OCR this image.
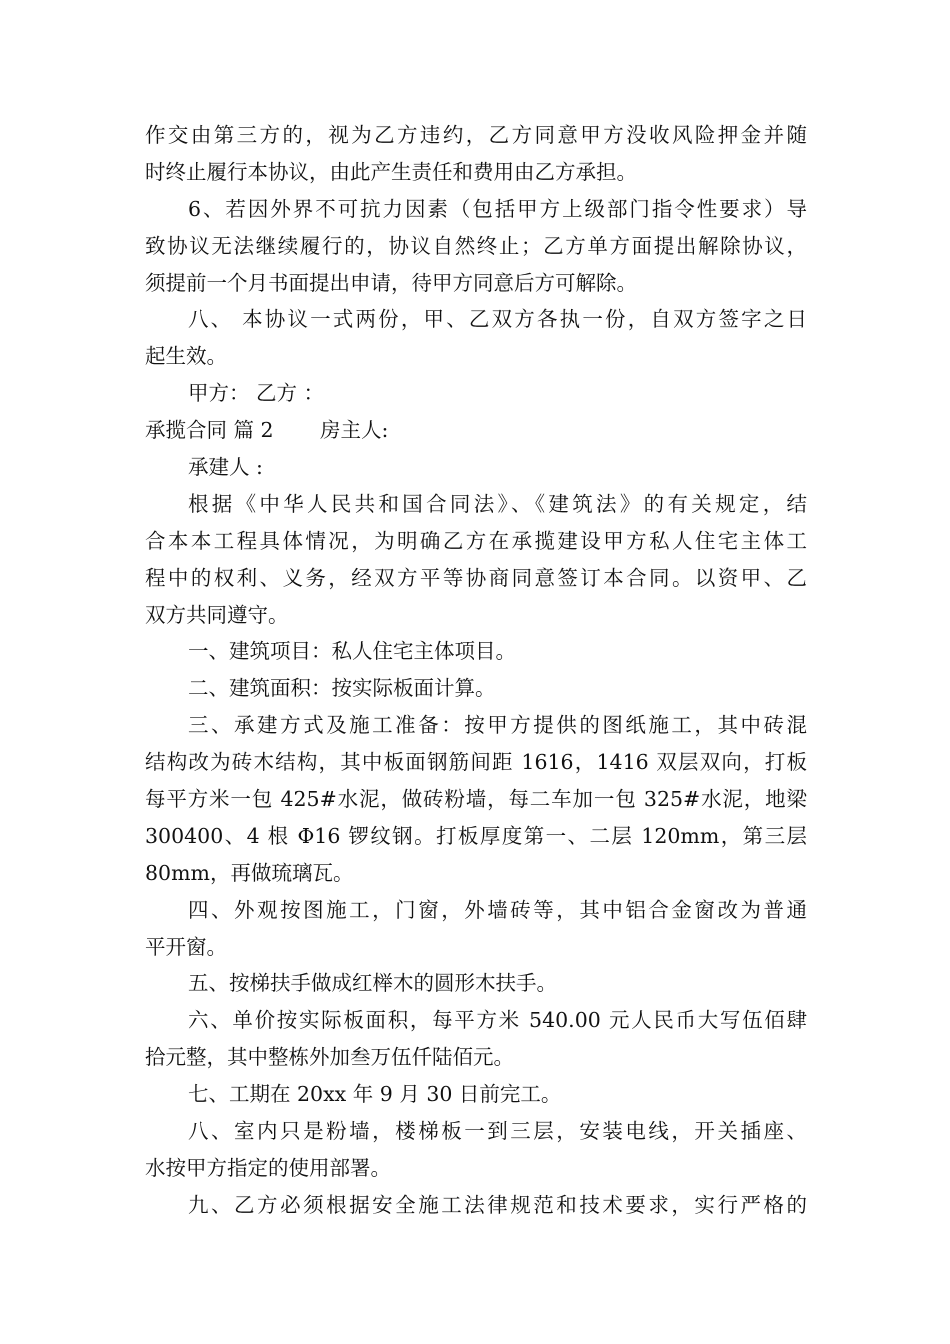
作交由第三方的，视为乙方违约，乙方同意甲方没收风险押金并随
时终止履行本协议，由此产生责任和费用由乙方承担。
6、若因外界不可抗力因素（包括甲方上级部门指令性要求）导
致协议无法继续履行的，协议自然终止；乙方单方面提出解除协议，
须提前一个月书面提出申请，待甲方同意后方可解除。
八、 本协议一式两份，甲、乙双方各执一份，自双方签字之日
起生效。
甲方： 乙方 ：
承揽合同 篇 2	房主人:
承建人 :
根据《中华人民共和国合同法》、《建筑法》的有关规定，结
合本本工程具体情况，为明确乙方在承揽建设甲方私人住宅主体工
程中的权利、义务，经双方平等协商同意签订本合同。以资甲、乙
双方共同遵守。
一、建筑项目：私人住宅主体项目。
二、建筑面积：按实际板面计算。
三、承建方式及施工准备：按甲方提供的图纸施工，其中砖混
结构改为砖木结构，其中板面钢筋间距 1616，1416 双层双向，打板
每平方米一包 425#水泥，做砖粉墙，每二车加一包 325#水泥，地梁
300400、4 根 Φ16 锣纹钢。打板厚度第一、二层 120mm，第三层
80mm，再做琉璃瓦。
四、外观按图施工，门窗，外墙砖等，其中铝合金窗改为普通
平开窗。
五、按梯扶手做成红榉木的圆形木扶手。
六、单价按实际板面积，每平方米 540.00 元人民币大写伍佰肆
拾元整，其中整栋外加叁万伍仟陆佰元。
七、工期在 20xx 年 9 月 30 日前完工。
八、室内只是粉墙，楼梯板一到三层，安装电线，开关插座、
水按甲方指定的使用部署。
九、乙方必须根据安全施工法律规范和技术要求，实行严格的
